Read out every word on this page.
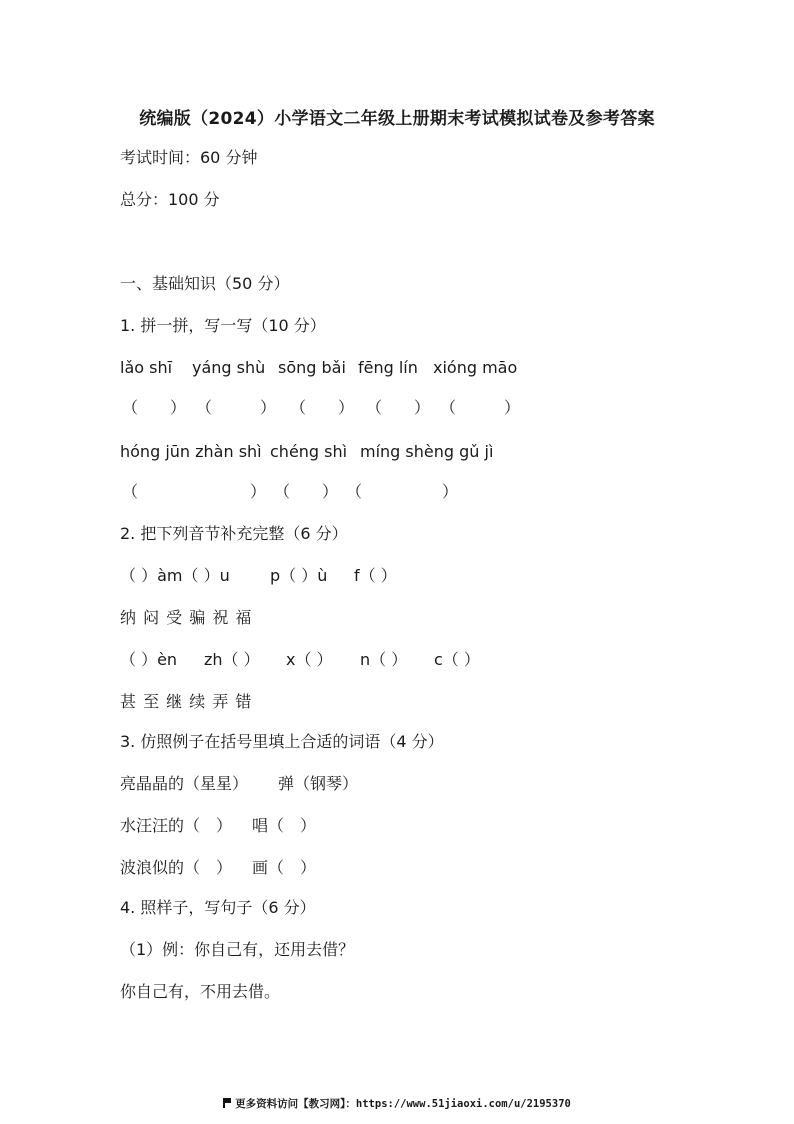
统编版（2024）小学语文二年级上册期末考试模拟试卷及参考答案
考试时间：60 分钟
总分：100 分
一、基础知识（50 分）
1. 拼一拼，写一写（10 分）
lǎo shī yáng shù sōng bǎi fēng lín xióng māo
（　　） （　　　） （　　） （　　） （　　　）
hóng jūn zhàn shì chéng shì míng shèng gǔ jì
（　　　　　　　） （　　） （　　　　　）
2. 把下列音节补充完整（6 分）
（ ）àm（ ）u	p（ ）ù f（ ）
纳 闷 受 骗 祝 福
（ ）èn zh（ ） x（ ） n（ ） c（ ）
甚 至 继 续 弄 错
3. 仿照例子在括号里填上合适的词语（4 分）
亮晶晶的（星星） 弹（钢琴）
水汪汪的（　） 唱（　）
波浪似的（　） 画（　）
4. 照样子，写句子（6 分）
（1）例：你自己有，还用去借？
你自己有，不用去借。
更多资料访问【教习网】：https://www.51jiaoxi.com/u/2195370
